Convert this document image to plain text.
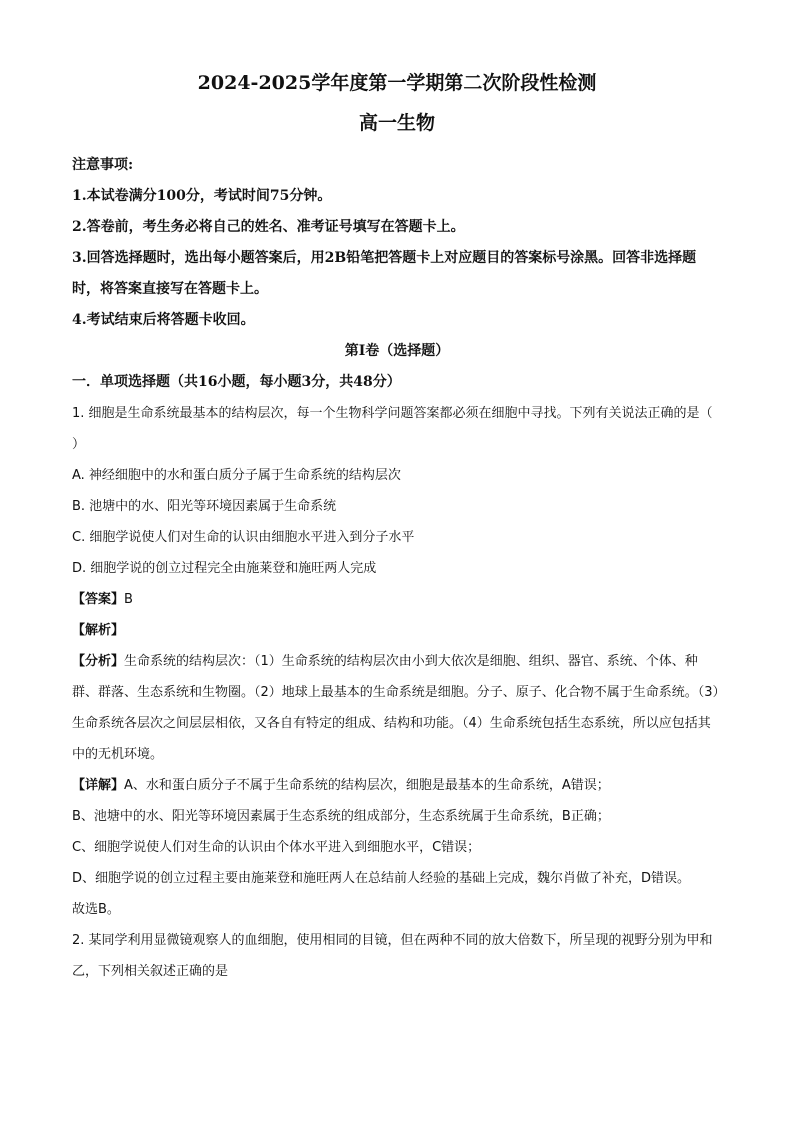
2024-2025学年度第一学期第二次阶段性检测
高一生物

注意事项:

1.本试卷满分100分，考试时间75分钟。

2.答卷前，考生务必将自己的姓名、准考证号填写在答题卡上。

3.回答选择题时，选出每小题答案后，用2B铅笔把答题卡上对应题目的答案标号涂黑。回答非选择题时，将答案直接写在答题卡上。

4.考试结束后将答题卡收回。

第I卷（选择题）

一．单项选择题（共16小题，每小题3分，共48分）

1. 细胞是生命系统最基本的结构层次，每一个生物科学问题答案都必须在细胞中寻找。下列有关说法正确的是（ ）

A. 神经细胞中的水和蛋白质分子属于生命系统的结构层次

B. 池塘中的水、阳光等环境因素属于生命系统

C. 细胞学说使人们对生命的认识由细胞水平进入到分子水平

D. 细胞学说的创立过程完全由施莱登和施旺两人完成

【答案】B

【解析】

【分析】生命系统的结构层次：（1）生命系统的结构层次由小到大依次是细胞、组织、器官、系统、个体、种群、群落、生态系统和生物圈。（2）地球上最基本的生命系统是细胞。分子、原子、化合物不属于生命系统。（3）生命系统各层次之间层层相依，又各自有特定的组成、结构和功能。（4）生命系统包括生态系统，所以应包括其中的无机环境。

【详解】A、水和蛋白质分子不属于生命系统的结构层次，细胞是最基本的生命系统，A错误；

B、池塘中的水、阳光等环境因素属于生态系统的组成部分，生态系统属于生命系统，B正确；

C、细胞学说使人们对生命的认识由个体水平进入到细胞水平，C错误；

D、细胞学说的创立过程主要由施莱登和施旺两人在总结前人经验的基础上完成，魏尔肖做了补充，D错误。

故选B。

2. 某同学利用显微镜观察人的血细胞，使用相同的目镜，但在两种不同的放大倍数下，所呈现的视野分别为甲和乙，下列相关叙述正确的是
